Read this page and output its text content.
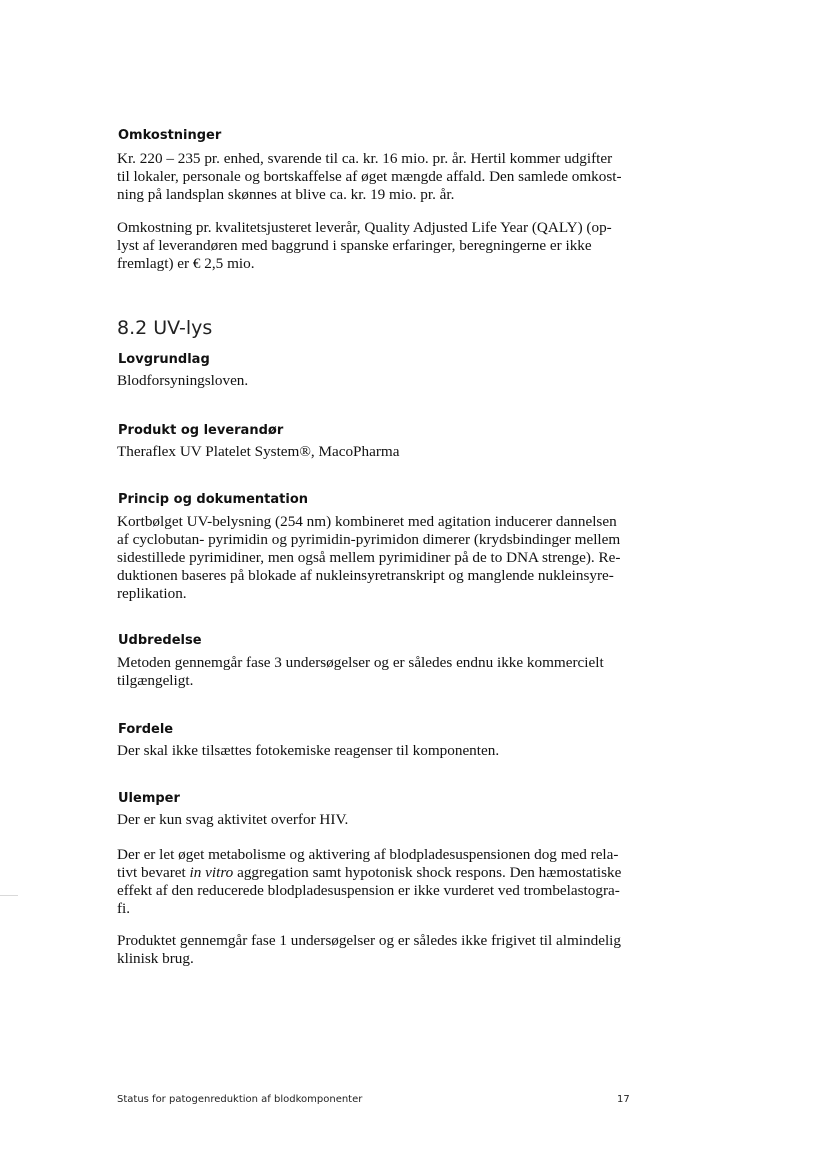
Omkostninger
Kr. 220 – 235 pr. enhed, svarende til ca. kr. 16 mio. pr. år. Hertil kommer udgifter
til lokaler, personale og bortskaffelse af øget mængde affald. Den samlede omkost-
ning på landsplan skønnes at blive ca. kr. 19 mio. pr. år.
Omkostning pr. kvalitetsjusteret leverår, Quality Adjusted Life Year (QALY) (op-
lyst af leverandøren med baggrund i spanske erfaringer, beregningerne er ikke
fremlagt) er € 2,5 mio.
8.2 UV-lys
Lovgrundlag
Blodforsyningsloven.
Produkt og leverandør
Theraflex UV Platelet System®, MacoPharma
Princip og dokumentation
Kortbølget UV-belysning (254 nm) kombineret med agitation inducerer dannelsen
af cyclobutan- pyrimidin og pyrimidin-pyrimidon dimerer (krydsbindinger mellem
sidestillede pyrimidiner, men også mellem pyrimidiner på de to DNA strenge). Re-
duktionen baseres på blokade af nukleinsyretranskript og manglende nukleinsyre-
replikation.
Udbredelse
Metoden gennemgår fase 3 undersøgelser og er således endnu ikke kommercielt
tilgængeligt.
Fordele
Der skal ikke tilsættes fotokemiske reagenser til komponenten.
Ulemper
Der er kun svag aktivitet overfor HIV.
Der er let øget metabolisme og aktivering af blodpladesuspensionen dog med rela-
tivt bevaret in vitro aggregation samt hypotonisk shock respons. Den hæmostatiske
effekt af den reducerede blodpladesuspension er ikke vurderet ved trombelastogra-
fi.
Produktet gennemgår fase 1 undersøgelser og er således ikke frigivet til almindelig
klinisk brug.
Status for patogenreduktion af blodkomponenter	17
